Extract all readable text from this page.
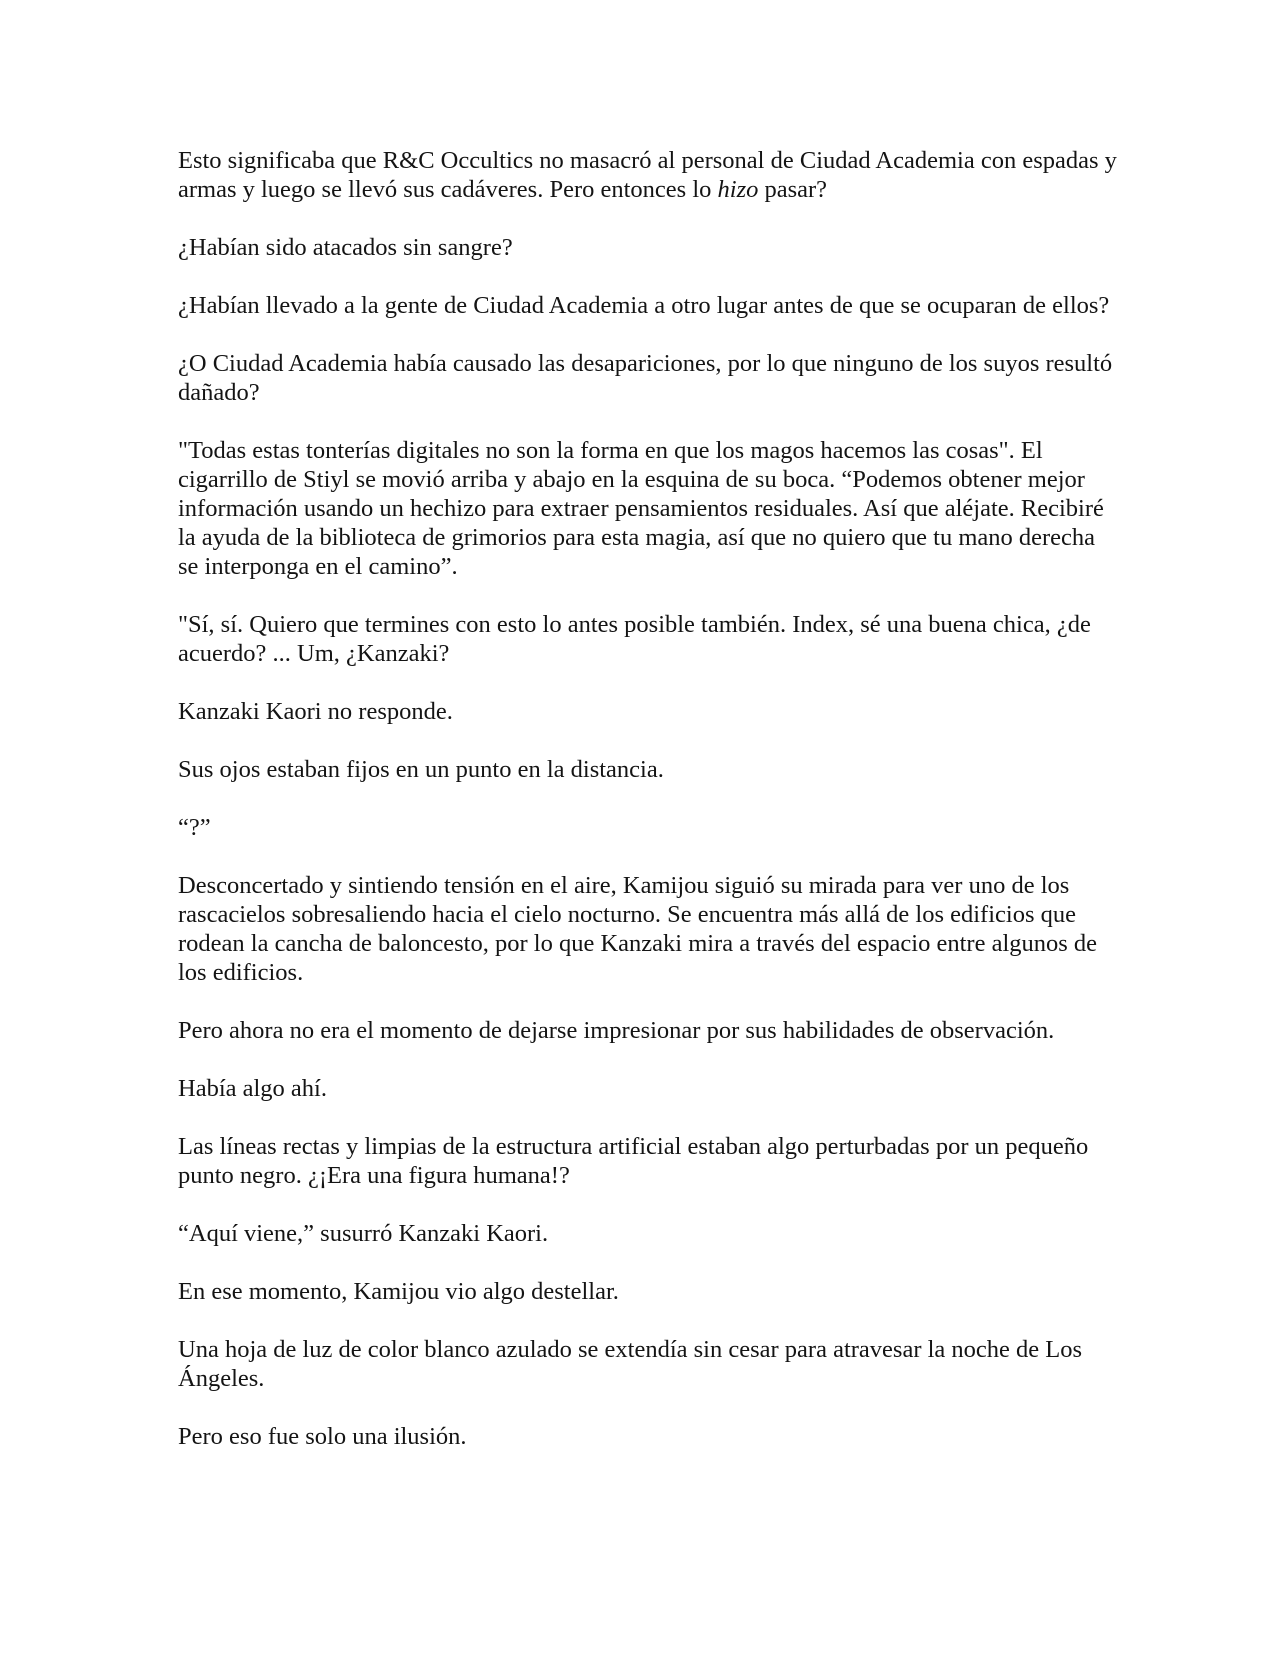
Esto significaba que R&C Occultics no masacró al personal de Ciudad Academia con espadas y armas y luego se llevó sus cadáveres. Pero entonces lo hizo pasar?

¿Habían sido atacados sin sangre?

¿Habían llevado a la gente de Ciudad Academia a otro lugar antes de que se ocuparan de ellos?

¿O Ciudad Academia había causado las desapariciones, por lo que ninguno de los suyos resultó dañado?

"Todas estas tonterías digitales no son la forma en que los magos hacemos las cosas". El cigarrillo de Stiyl se movió arriba y abajo en la esquina de su boca. “Podemos obtener mejor información usando un hechizo para extraer pensamientos residuales. Así que aléjate. Recibiré la ayuda de la biblioteca de grimorios para esta magia, así que no quiero que tu mano derecha se interponga en el camino”.

"Sí, sí. Quiero que termines con esto lo antes posible también. Index, sé una buena chica, ¿de acuerdo? ... Um, ¿Kanzaki?

Kanzaki Kaori no responde.

Sus ojos estaban fijos en un punto en la distancia.

“?”

Desconcertado y sintiendo tensión en el aire, Kamijou siguió su mirada para ver uno de los rascacielos sobresaliendo hacia el cielo nocturno. Se encuentra más allá de los edificios que rodean la cancha de baloncesto, por lo que Kanzaki mira a través del espacio entre algunos de los edificios.

Pero ahora no era el momento de dejarse impresionar por sus habilidades de observación.

Había algo ahí.

Las líneas rectas y limpias de la estructura artificial estaban algo perturbadas por un pequeño punto negro. ¿¡Era una figura humana!?

“Aquí viene,” susurró Kanzaki Kaori.

En ese momento, Kamijou vio algo destellar.

Una hoja de luz de color blanco azulado se extendía sin cesar para atravesar la noche de Los Ángeles.

Pero eso fue solo una ilusión.
